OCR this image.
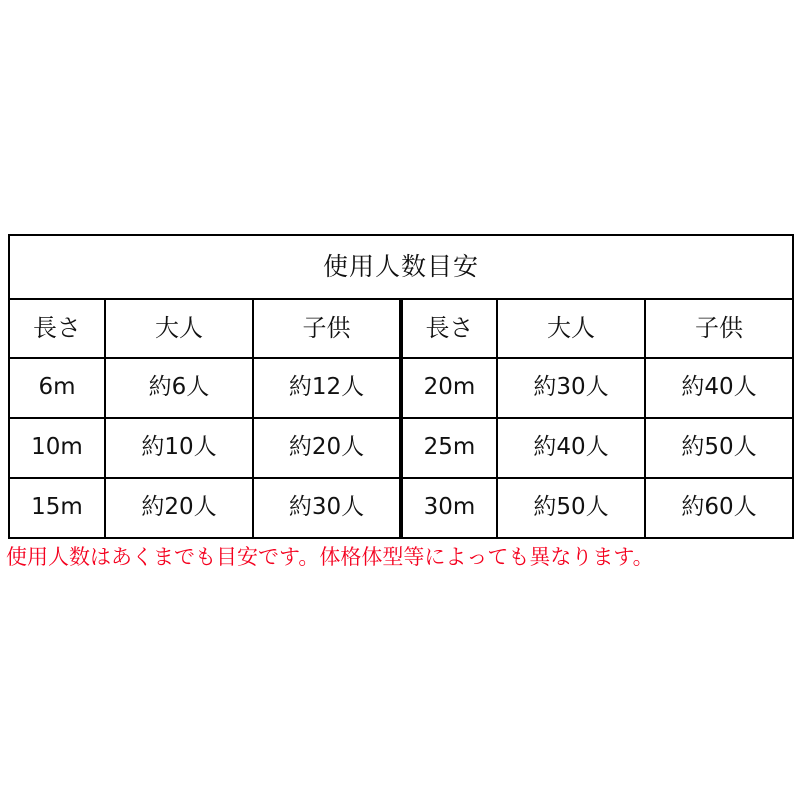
使用人数目安					
長さ	大人	子供	長さ	大人	子供
6m	約6人	約12人	20m	約30人	約40人
10m	約10人	約20人	25m	約40人	約50人
15m	約20人	約30人	30m	約50人	約60人
使用人数はあくまでも目安です。体格体型等によっても異なります。
